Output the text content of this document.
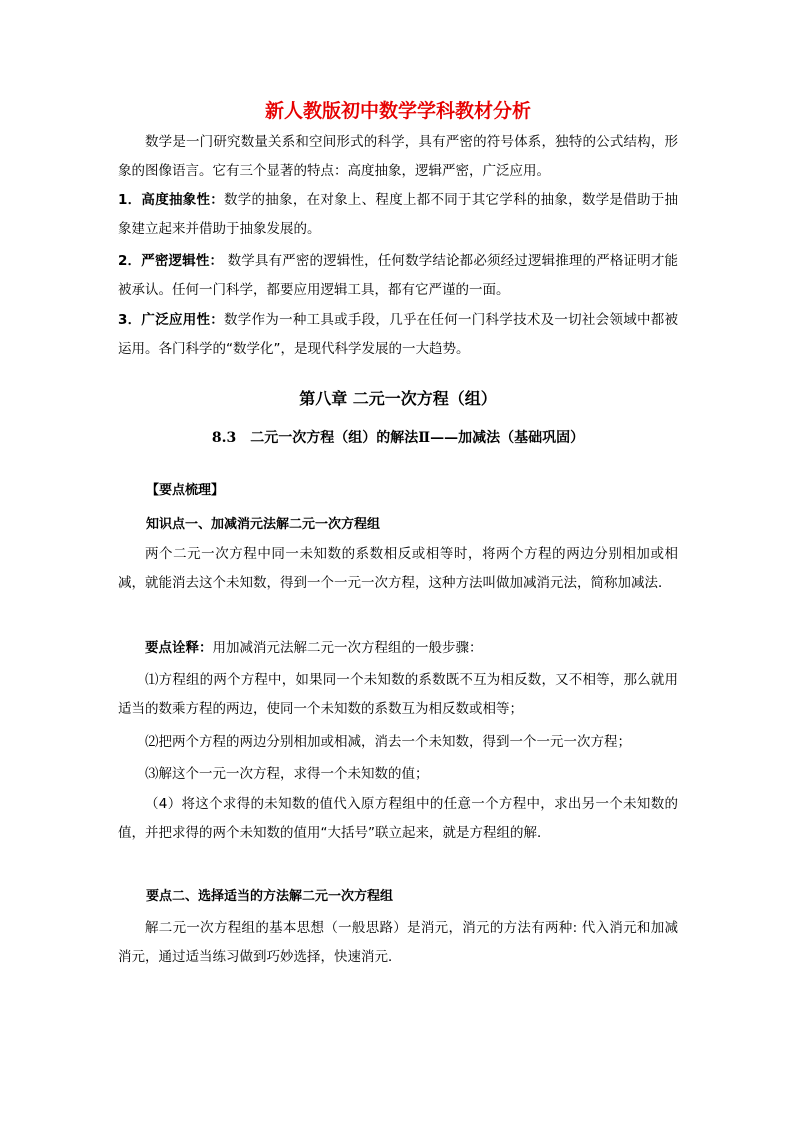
新人教版初中数学学科教材分析

数学是一门研究数量关系和空间形式的科学，具有严密的符号体系，独特的公式结构，形象的图像语言。它有三个显著的特点：高度抽象，逻辑严密，广泛应用。

1．高度抽象性：数学的抽象，在对象上、程度上都不同于其它学科的抽象，数学是借助于抽象建立起来并借助于抽象发展的。

2．严密逻辑性： 数学具有严密的逻辑性，任何数学结论都必须经过逻辑推理的严格证明才能被承认。任何一门科学，都要应用逻辑工具，都有它严谨的一面。

3．广泛应用性：数学作为一种工具或手段，几乎在任何一门科学技术及一切社会领域中都被运用。各门科学的“数学化”，是现代科学发展的一大趋势。

第八章 二元一次方程（组）
8.3　二元一次方程（组）的解法Ⅱ——加减法（基础巩固）
【要点梳理】
知识点一、加减消元法解二元一次方程组

两个二元一次方程中同一未知数的系数相反或相等时，将两个方程的两边分别相加或相减，就能消去这个未知数，得到一个一元一次方程，这种方法叫做加减消元法，简称加减法．

要点诠释：用加减消元法解二元一次方程组的一般步骤：

⑴方程组的两个方程中，如果同一个未知数的系数既不互为相反数，又不相等，那么就用适当的数乘方程的两边，使同一个未知数的系数互为相反数或相等；

⑵把两个方程的两边分别相加或相减，消去一个未知数，得到一个一元一次方程；

⑶解这个一元一次方程，求得一个未知数的值；

（4）将这个求得的未知数的值代入原方程组中的任意一个方程中，求出另一个未知数的值，并把求得的两个未知数的值用“大括号”联立起来，就是方程组的解．

要点二、选择适当的方法解二元一次方程组

解二元一次方程组的基本思想（一般思路）是消元，消元的方法有两种: 代入消元和加减消元，通过适当练习做到巧妙选择，快速消元．
